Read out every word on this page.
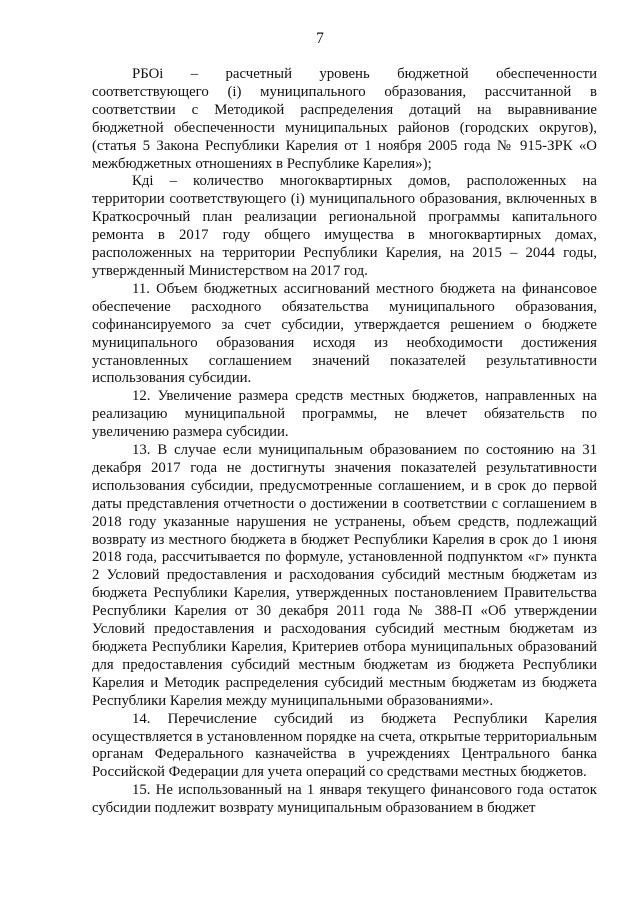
7

РБОi – расчетный уровень бюджетной обеспеченности соответствующего (i) муниципального образования, рассчитанной в соответствии с Методикой распределения дотаций на выравнивание бюджетной обеспеченности муниципальных районов (городских округов), (статья 5 Закона Республики Карелия от 1 ноября 2005 года № 915-ЗРК «О межбюджетных отношениях в Республике Карелия»);

Кдi – количество многоквартирных домов, расположенных на территории соответствующего (i) муниципального образования, включенных в Краткосрочный план реализации региональной программы капитального ремонта в 2017 году общего имущества в многоквартирных домах, расположенных на территории Республики Карелия, на 2015 – 2044 годы, утвержденный Министерством на 2017 год.

11. Объем бюджетных ассигнований местного бюджета на финансовое обеспечение расходного обязательства муниципального образования, софинансируемого за счет субсидии, утверждается решением о бюджете муниципального образования исходя из необходимости достижения установленных соглашением значений показателей результативности использования субсидии.

12. Увеличение размера средств местных бюджетов, направленных на реализацию муниципальной программы, не влечет обязательств по увеличению размера субсидии.

13. В случае если муниципальным образованием по состоянию на 31 декабря 2017 года не достигнуты значения показателей результативности использования субсидии, предусмотренные соглашением, и в срок до первой даты представления отчетности о достижении в соответствии с соглашением в 2018 году указанные нарушения не устранены, объем средств, подлежащий возврату из местного бюджета в бюджет Республики Карелия в срок до 1 июня 2018 года, рассчитывается по формуле, установленной подпунктом «г» пункта 2 Условий предоставления и расходования субсидий местным бюджетам из бюджета Республики Карелия, утвержденных постановлением Правительства Республики Карелия от 30 декабря 2011 года № 388-П «Об утверждении Условий предоставления и расходования субсидий местным бюджетам из бюджета Республики Карелия, Критериев отбора муниципальных образований для предоставления субсидий местным бюджетам из бюджета Республики Карелия и Методик распределения субсидий местным бюджетам из бюджета Республики Карелия между муниципальными образованиями».

14. Перечисление субсидий из бюджета Республики Карелия осуществляется в установленном порядке на счета, открытые территориальным органам Федерального казначейства в учреждениях Центрального банка Российской Федерации для учета операций со средствами местных бюджетов.

15. Не использованный на 1 января текущего финансового года остаток субсидии подлежит возврату муниципальным образованием в бюджет
